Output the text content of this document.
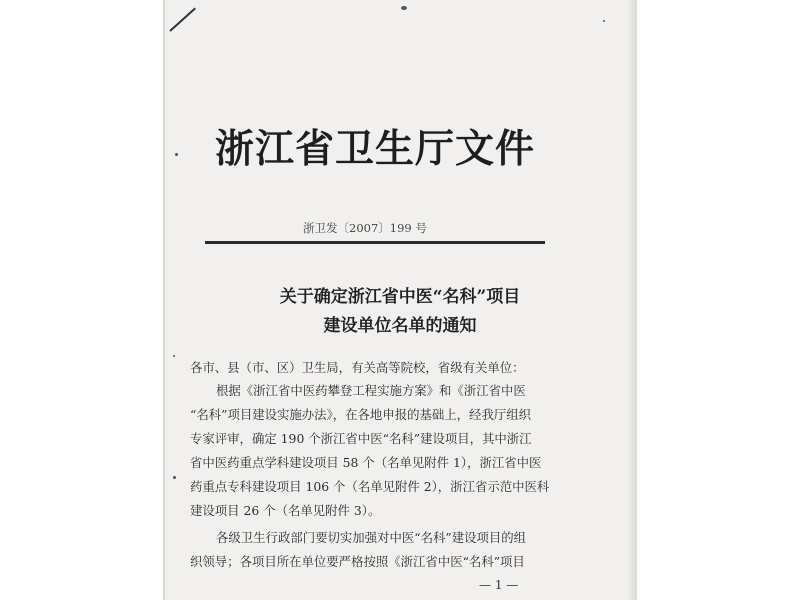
浙江省卫生厅文件
浙卫发〔2007〕199 号
关于确定浙江省中医“名科”项目
建设单位名单的通知
各市、县（市、区）卫生局，有关高等院校，省级有关单位：
根据《浙江省中医药攀登工程实施方案》和《浙江省中医
“名科”项目建设实施办法》，在各地申报的基础上，经我厅组织
专家评审，确定 190 个浙江省中医“名科”建设项目，其中浙江
省中医药重点学科建设项目 58 个（名单见附件 1），浙江省中医
药重点专科建设项目 106 个（名单见附件 2），浙江省示范中医科
建设项目 26 个（名单见附件 3）。
各级卫生行政部门要切实加强对中医“名科”建设项目的组
织领导；各项目所在单位要严格按照《浙江省中医“名科”项目
— 1 —
